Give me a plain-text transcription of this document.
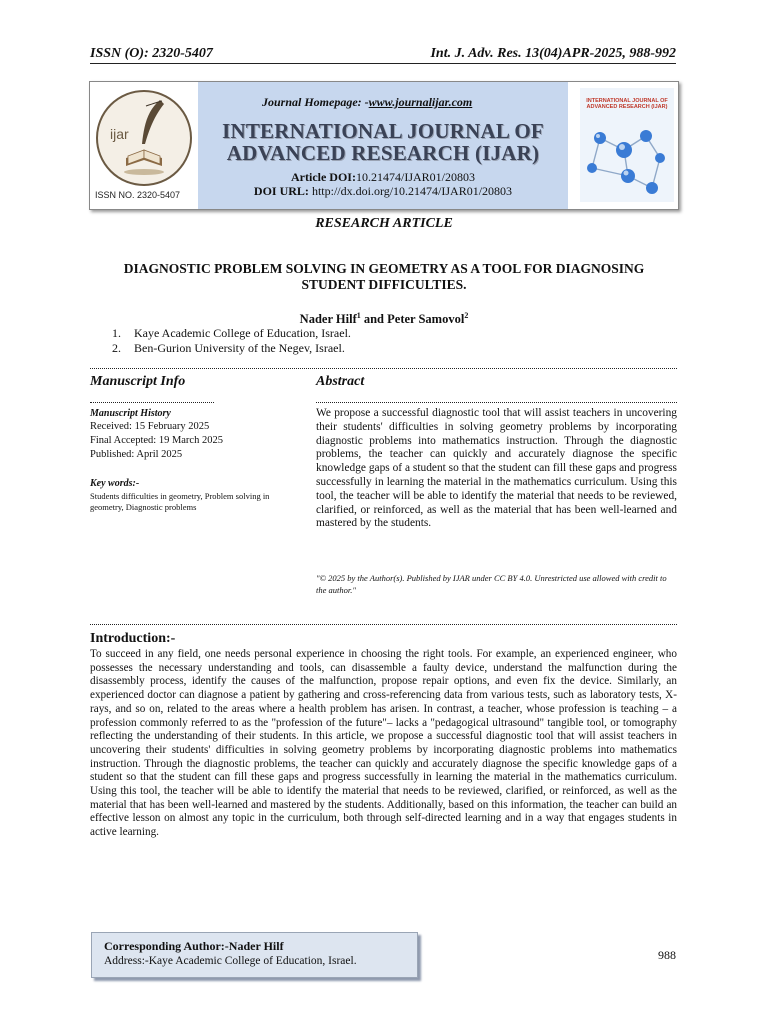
ISSN (O): 2320-5407	Int. J. Adv. Res. 13(04)APR-2025, 988-992
ijar
ISSN NO. 2320-5407
Journal Homepage: -www.journalijar.com
INTERNATIONAL JOURNAL OF ADVANCED RESEARCH (IJAR)
Article DOI:10.21474/IJAR01/20803
DOI URL: http://dx.doi.org/10.21474/IJAR01/20803
INTERNATIONAL JOURNAL OF ADVANCED RESEARCH (IJAR)
RESEARCH ARTICLE
DIAGNOSTIC PROBLEM SOLVING IN GEOMETRY AS A TOOL FOR DIAGNOSING STUDENT DIFFICULTIES.
Nader Hilf$^1$ and Peter Samovol$^2$
1. Kaye Academic College of Education, Israel.
2. Ben-Gurion University of the Negev, Israel.
Manuscript Info	Abstract
Manuscript History
Received: 15 February 2025
Final Accepted: 19 March 2025
Published: April 2025
Key words:-
Students difficulties in geometry, Problem solving in geometry, Diagnostic problems
We propose a successful diagnostic tool that will assist teachers in uncovering their students' difficulties in solving geometry problems by incorporating diagnostic problems into mathematics instruction. Through the diagnostic problems, the teacher can quickly and accurately diagnose the specific knowledge gaps of a student so that the student can fill these gaps and progress successfully in learning the material in the mathematics curriculum. Using this tool, the teacher will be able to identify the material that needs to be reviewed, clarified, or reinforced, as well as the material that has been well-learned and mastered by the students.
"© 2025 by the Author(s). Published by IJAR under CC BY 4.0. Unrestricted use allowed with credit to the author."
Introduction:-
To succeed in any field, one needs personal experience in choosing the right tools. For example, an experienced engineer, who possesses the necessary understanding and tools, can disassemble a faulty device, understand the malfunction during the disassembly process, identify the causes of the malfunction, propose repair options, and even fix the device. Similarly, an experienced doctor can diagnose a patient by gathering and cross-referencing data from various tests, such as laboratory tests, X-rays, and so on, related to the areas where a health problem has arisen. In contrast, a teacher, whose profession is teaching – a profession commonly referred to as the "profession of the future"– lacks a "pedagogical ultrasound" tangible tool, or tomography reflecting the understanding of their students. In this article, we propose a successful diagnostic tool that will assist teachers in uncovering their students' difficulties in solving geometry problems by incorporating diagnostic problems into mathematics instruction. Through the diagnostic problems, the teacher can quickly and accurately diagnose the specific knowledge gaps of a student so that the student can fill these gaps and progress successfully in learning the material in the mathematics curriculum. Using this tool, the teacher will be able to identify the material that needs to be reviewed, clarified, or reinforced, as well as the material that has been well-learned and mastered by the students. Additionally, based on this information, the teacher can build an effective lesson on almost any topic in the curriculum, both through self-directed learning and in a way that engages students in active learning.
Corresponding Author:-Nader Hilf
Address:-Kaye Academic College of Education, Israel.	988
